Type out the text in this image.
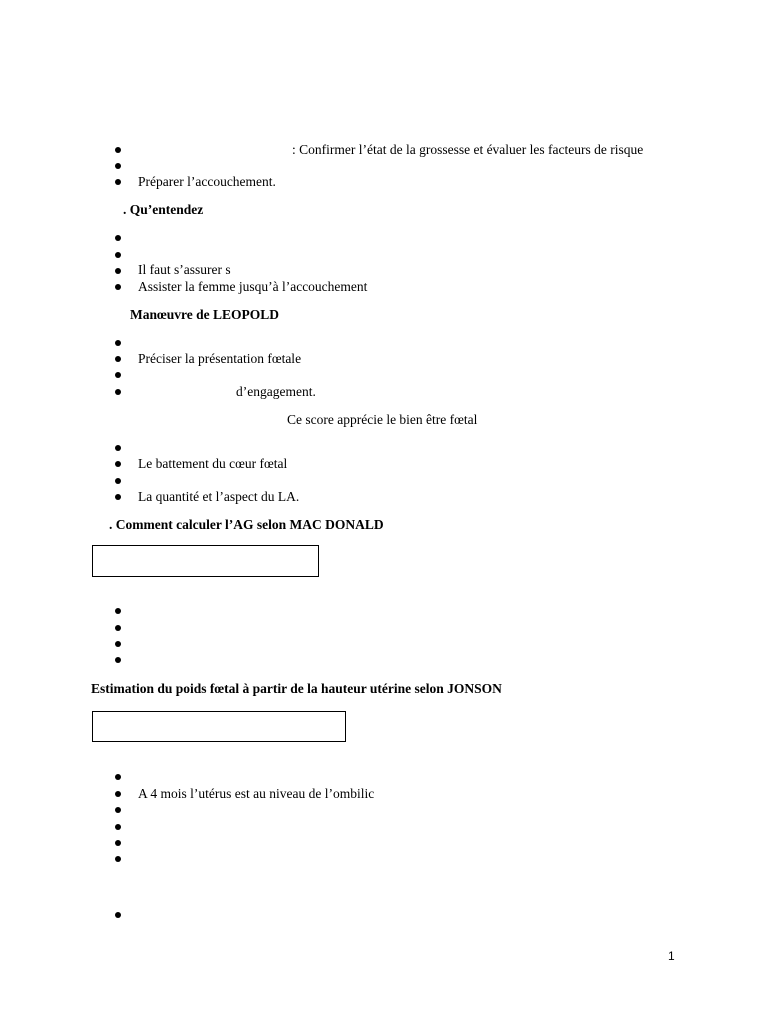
: Confirmer l’état de la grossesse et évaluer les facteurs de risque
Préparer l’accouchement.
. Qu’entendez
Il faut s’assurer s
Assister la femme jusqu’à l’accouchement
Manœuvre de LEOPOLD
Préciser la présentation fœtale
d’engagement.
Ce score apprécie le bien être fœtal
Le battement du cœur fœtal
La quantité et l’aspect du LA.
. Comment calculer l’AG selon MAC DONALD
Estimation du poids fœtal à partir de la hauteur utérine selon JONSON
A 4 mois l’utérus est au niveau de l’ombilic
1
